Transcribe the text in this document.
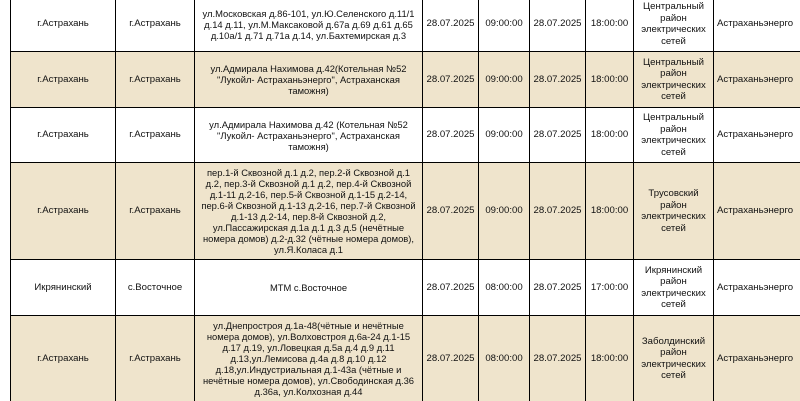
г.Астрахань	г.Астрахань	ул.Московская д.86-101, ул.Ю.Селенского д.11/1 д.14 д.11, ул.М.Максаковой д.67а д.69 д.61 д.65 д.10а/1 д.71 д.71а д.14, ул.Бахтемирская д.3	28.07.2025	09:00:00	28.07.2025	18:00:00	Центральный район электрических сетей	Астраханьэнерго
г.Астрахань	г.Астрахань	ул.Адмирала Нахимова д.42(Котельная №52 "Лукойл- Астраханьэнерго", Астраханская таможня)	28.07.2025	09:00:00	28.07.2025	18:00:00	Центральный район электрических сетей	Астраханьэнерго
г.Астрахань	г.Астрахань	ул.Адмирала Нахимова д.42 (Котельная №52 "Лукойл- Астраханьэнерго", Астраханская таможня)	28.07.2025	09:00:00	28.07.2025	18:00:00	Центральный район электрических сетей	Астраханьэнерго
г.Астрахань	г.Астрахань	пер.1-й Сквозной д.1 д.2, пер.2-й Сквозной д.1 д.2, пер.3-й Сквозной д.1 д.2, пер.4-й Сквозной д.1-11 д.2-16, пер.5-й Сквозной д.1-15 д.2-14, пер.6-й Сквозной д.1-13 д.2-16, пер.7-й Сквозной д.1-13 д.2-14, пер.8-й Сквозной д.2, ул.Пассажирская д.1а д.1 д.3 д.5 (нечётные номера домов) д.2-д.32 (чётные номера домов), ул.Я.Коласа д.1	28.07.2025	09:00:00	28.07.2025	18:00:00	Трусовский район электрических сетей	Астраханьэнерго
Икрянинский	с.Восточное	МТМ с.Восточное	28.07.2025	08:00:00	28.07.2025	17:00:00	Икрянинский район электрических сетей	Астраханьэнерго
г.Астрахань	г.Астрахань	ул.Днепростроя д.1а-48(чётные и нечётные номера домов), ул.Волховстроя д.6а-24 д.1-15 д.17 д.19, ул.Ловецкая д.5а д.4 д.9 д.11 д.13,ул.Лемисова д.4а д.8 д.10 д.12 д.18,ул.Индустриальная д.1-43а (чётные и нечётные номера домов), ул.Свободинская д.36 д.36а, ул.Колхозная д.44	28.07.2025	08:00:00	28.07.2025	18:00:00	Заболдинский район электрических сетей	Астраханьэнерго
